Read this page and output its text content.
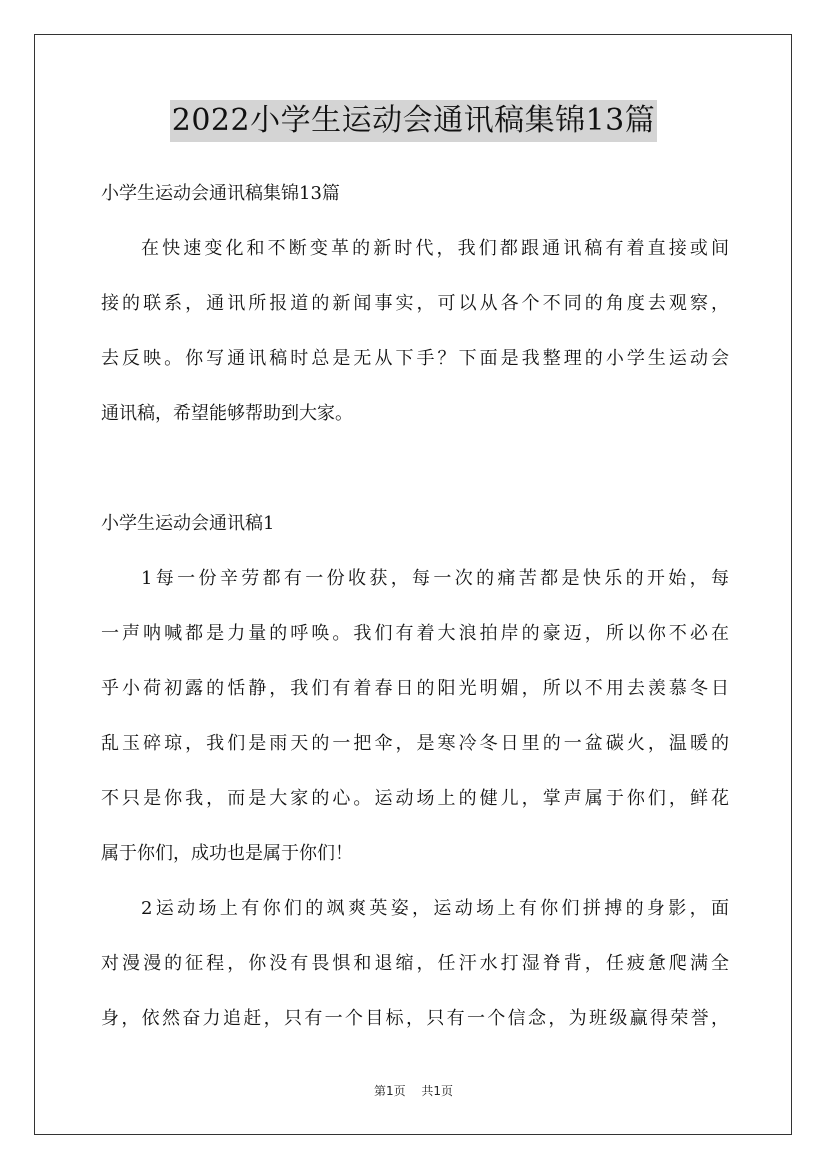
2022小学生运动会通讯稿集锦13篇
小学生运动会通讯稿集锦13篇
在快速变化和不断变革的新时代，我们都跟通讯稿有着直接或间
接的联系，通讯所报道的新闻事实，可以从各个不同的角度去观察，
去反映。你写通讯稿时总是无从下手？下面是我整理的小学生运动会
通讯稿，希望能够帮助到大家。
小学生运动会通讯稿1
1每一份辛劳都有一份收获，每一次的痛苦都是快乐的开始，每
一声呐喊都是力量的呼唤。我们有着大浪拍岸的豪迈，所以你不必在
乎小荷初露的恬静，我们有着春日的阳光明媚，所以不用去羡慕冬日
乱玉碎琼，我们是雨天的一把伞，是寒冷冬日里的一盆碳火，温暖的
不只是你我，而是大家的心。运动场上的健儿，掌声属于你们，鲜花
属于你们，成功也是属于你们！
2运动场上有你们的飒爽英姿，运动场上有你们拼搏的身影，面
对漫漫的征程，你没有畏惧和退缩，任汗水打湿脊背，任疲惫爬满全
身，依然奋力追赶，只有一个目标，只有一个信念，为班级赢得荣誉，
第1页 共1页
